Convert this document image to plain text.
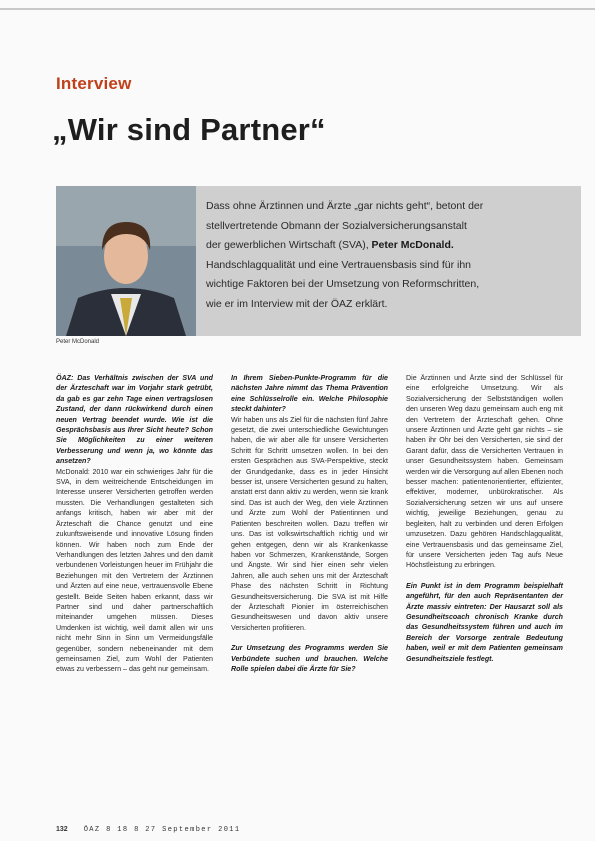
Interview
„Wir sind Partner“
Peter McDonald
Dass ohne Ärztinnen und Ärzte „gar nichts geht“, betont der
stellvertretende Obmann der Sozialversicherungsanstalt
der gewerblichen Wirtschaft (SVA), Peter McDonald.
Handschlagqualität und eine Vertrauensbasis sind für ihn
wichtige Faktoren bei der Umsetzung von Reformschritten,
wie er im Interview mit der ÖAZ erklärt.

ÖAZ: Das Verhältnis zwischen der SVA und der Ärzteschaft war im Vorjahr stark getrübt, da gab es gar zehn Tage einen vertragslosen Zustand, der dann rückwirkend durch einen neuen Vertrag beendet wurde. Wie ist die Gesprächsbasis aus Ihrer Sicht heute? Schon Sie Möglichkeiten zu einer weiteren Verbesserung und wenn ja, wo könnte das ansetzen?

McDonald: 2010 war ein schwieriges Jahr für die SVA, in dem weitreichende Entscheidungen im Interesse unserer Versicherten getroffen werden mussten. Die Verhandlungen gestalteten sich anfangs kritisch, haben wir aber mit der Ärzteschaft die Chance genutzt und eine zukunftsweisende und innovative Lösung finden können. Wir haben noch zum Ende der Verhandlungen des letzten Jahres und den damit verbundenen Vorleistungen heuer im Frühjahr die Beziehungen mit den Vertretern der Ärztinnen und Ärzten auf eine neue, vertrauensvolle Ebene gestellt. Beide Seiten haben erkannt, dass wir Partner sind und daher partnerschaftlich miteinander umgehen müssen. Dieses Umdenken ist wichtig, weil damit allen wir uns nicht mehr Sinn in Sinn um Vermeidungsfälle gegenüber, sondern nebeneinander mit dem gemeinsamen Ziel, zum Wohl der Patienten etwas zu verbessern – das geht nur gemeinsam.

In Ihrem Sieben-Punkte-Programm für die nächsten Jahre nimmt das Thema Prävention eine Schlüsselrolle ein. Welche Philosophie steckt dahinter?

Wir haben uns als Ziel für die nächsten fünf Jahre gesetzt, die zwei unterschiedliche Gewichtungen haben, die wir aber alle für unsere Versicherten Schritt für Schritt umsetzen wollen. In bei den ersten Gesprächen aus SVA-Perspektive, steckt der Grundgedanke, dass es in jeder Hinsicht besser ist, unsere Versicherten gesund zu halten, anstatt erst dann aktiv zu werden, wenn sie krank sind. Das ist auch der Weg, den viele Ärztinnen und Ärzte zum Wohl der Patientinnen und Patienten beschreiten wollen. Dazu treffen wir uns. Das ist volkswirtschaftlich richtig und wir gehen entgegen, denn wir als Krankenkasse haben vor Schmerzen, Krankenstände, Sorgen und Ängste. Wir sind hier einen sehr vielen Jahren, alle auch sehen uns mit der Ärzteschaft Phase des nächsten Schritt in Richtung Gesundheitsversicherung. Die SVA ist mit Hilfe der Ärzteschaft Pionier im österreichischen Gesundheitswesen und davon aktiv unsere Versicherten profitieren.

Zur Umsetzung des Programms werden Sie Verbündete suchen und brauchen. Welche Rolle spielen dabei die Ärzte für Sie?

Die Ärztinnen und Ärzte sind der Schlüssel für eine erfolgreiche Umsetzung. Wir als Sozialversicherung der Selbstständigen wollen den unseren Weg dazu gemeinsam auch eng mit den Vertretern der Ärzteschaft gehen. Ohne unsere Ärztinnen und Ärzte geht gar nichts – sie haben ihr Ohr bei den Versicherten, sie sind der Garant dafür, dass die Versicherten Vertrauen in unser Gesundheitssystem haben. Gemeinsam werden wir die Versorgung auf allen Ebenen noch besser machen: patientenorientierter, effizienter, effektiver, moderner, unbürokratischer. Als Sozialversicherung setzen wir uns auf unsere wichtig, jeweilige Beziehungen, genau zu begleiten, halt zu verbinden und deren Erfolgen umzusetzen. Dazu gehören Handschlagqualität, eine Vertrauensbasis und das gemeinsame Ziel, für unsere Versicherten jeden Tag aufs Neue Höchstleistung zu erbringen.

Ein Punkt ist in dem Programm beispielhaft angeführt, für den auch Repräsentanten der Ärzte massiv eintreten: Der Hausarzt soll als Gesundheitscoach chronisch Kranke durch das Gesundheitssystem führen und auch im Bereich der Vorsorge zentrale Bedeutung haben, weil er mit dem Patienten gemeinsam Gesundheitsziele festlegt.

132 ÖAZ 8 18 8 27 September 2011
